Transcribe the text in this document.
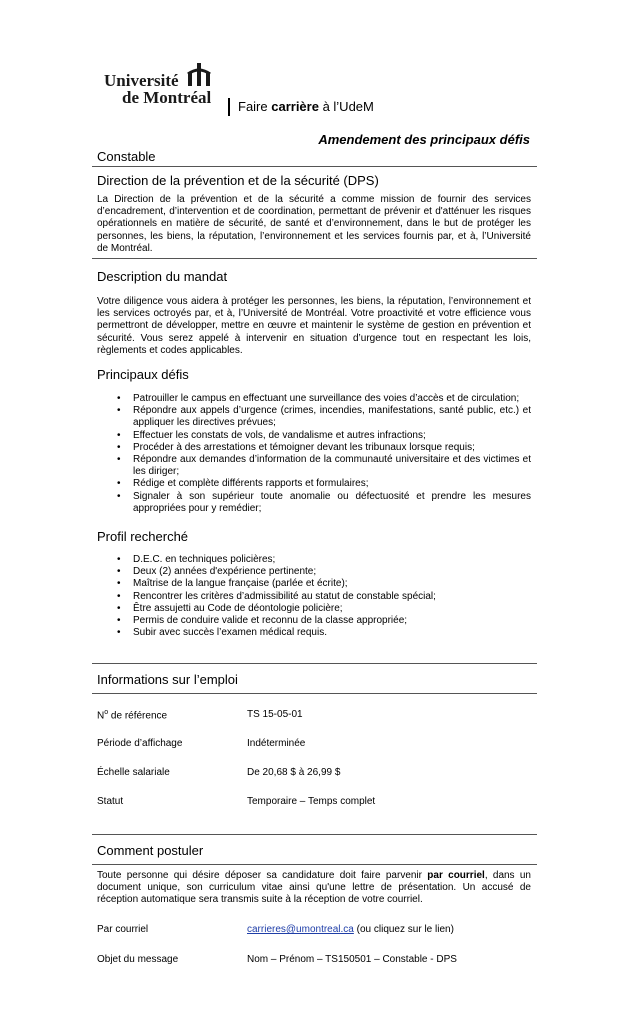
Université
de Montréal	Faire carrière à l’UdeM
Amendement des principaux défis
Constable
Direction de la prévention et de la sécurité (DPS)
La Direction de la prévention et de la sécurité a comme mission de fournir des services d’encadrement, d’intervention et de coordination, permettant de prévenir et d'atténuer les risques opérationnels en matière de sécurité, de santé et d’environnement, dans le but de protéger les personnes, les biens, la réputation, l’environnement et les services fournis par, et à, l’Université de Montréal.
Description du mandat
Votre diligence vous aidera à protéger les personnes, les biens, la réputation, l’environnement et les services octroyés par, et à, l’Université de Montréal. Votre proactivité et votre efficience vous permettront de développer, mettre en œuvre et maintenir le système de gestion en prévention et sécurité. Vous serez appelé à intervenir en situation d’urgence tout en respectant les lois, règlements et codes applicables.
Principaux défis
• Patrouiller le campus en effectuant une surveillance des voies d’accès et de circulation;
• Répondre aux appels d’urgence (crimes, incendies, manifestations, santé public, etc.) et appliquer les directives prévues;
• Effectuer les constats de vols, de vandalisme et autres infractions;
• Procéder à des arrestations et témoigner devant les tribunaux lorsque requis;
• Répondre aux demandes d’information de la communauté universitaire et des victimes et les diriger;
• Rédige et complète différents rapports et formulaires;
• Signaler à son supérieur toute anomalie ou défectuosité et prendre les mesures appropriées pour y remédier;
Profil recherché
• D.E.C. en techniques policières;
• Deux (2) années d'expérience pertinente;
• Maîtrise de la langue française (parlée et écrite);
• Rencontrer les critères d’admissibilité au statut de constable spécial;
• Être assujetti au Code de déontologie policière;
• Permis de conduire valide et reconnu de la classe appropriée;
• Subir avec succès l’examen médical requis.
Informations sur l’emploi
$N^o$ de référence	TS 15-05-01
Période d’affichage	Indéterminée
Échelle salariale	De 20,68 $ à 26,99 $
Statut	Temporaire – Temps complet
Comment postuler
Toute personne qui désire déposer sa candidature doit faire parvenir par courriel, dans un document unique, son curriculum vitae ainsi qu'une lettre de présentation. Un accusé de réception automatique sera transmis suite à la réception de votre courriel.
Par courriel	carrieres@umontreal.ca (ou cliquez sur le lien)
Objet du message	Nom – Prénom – TS150501 – Constable - DPS
